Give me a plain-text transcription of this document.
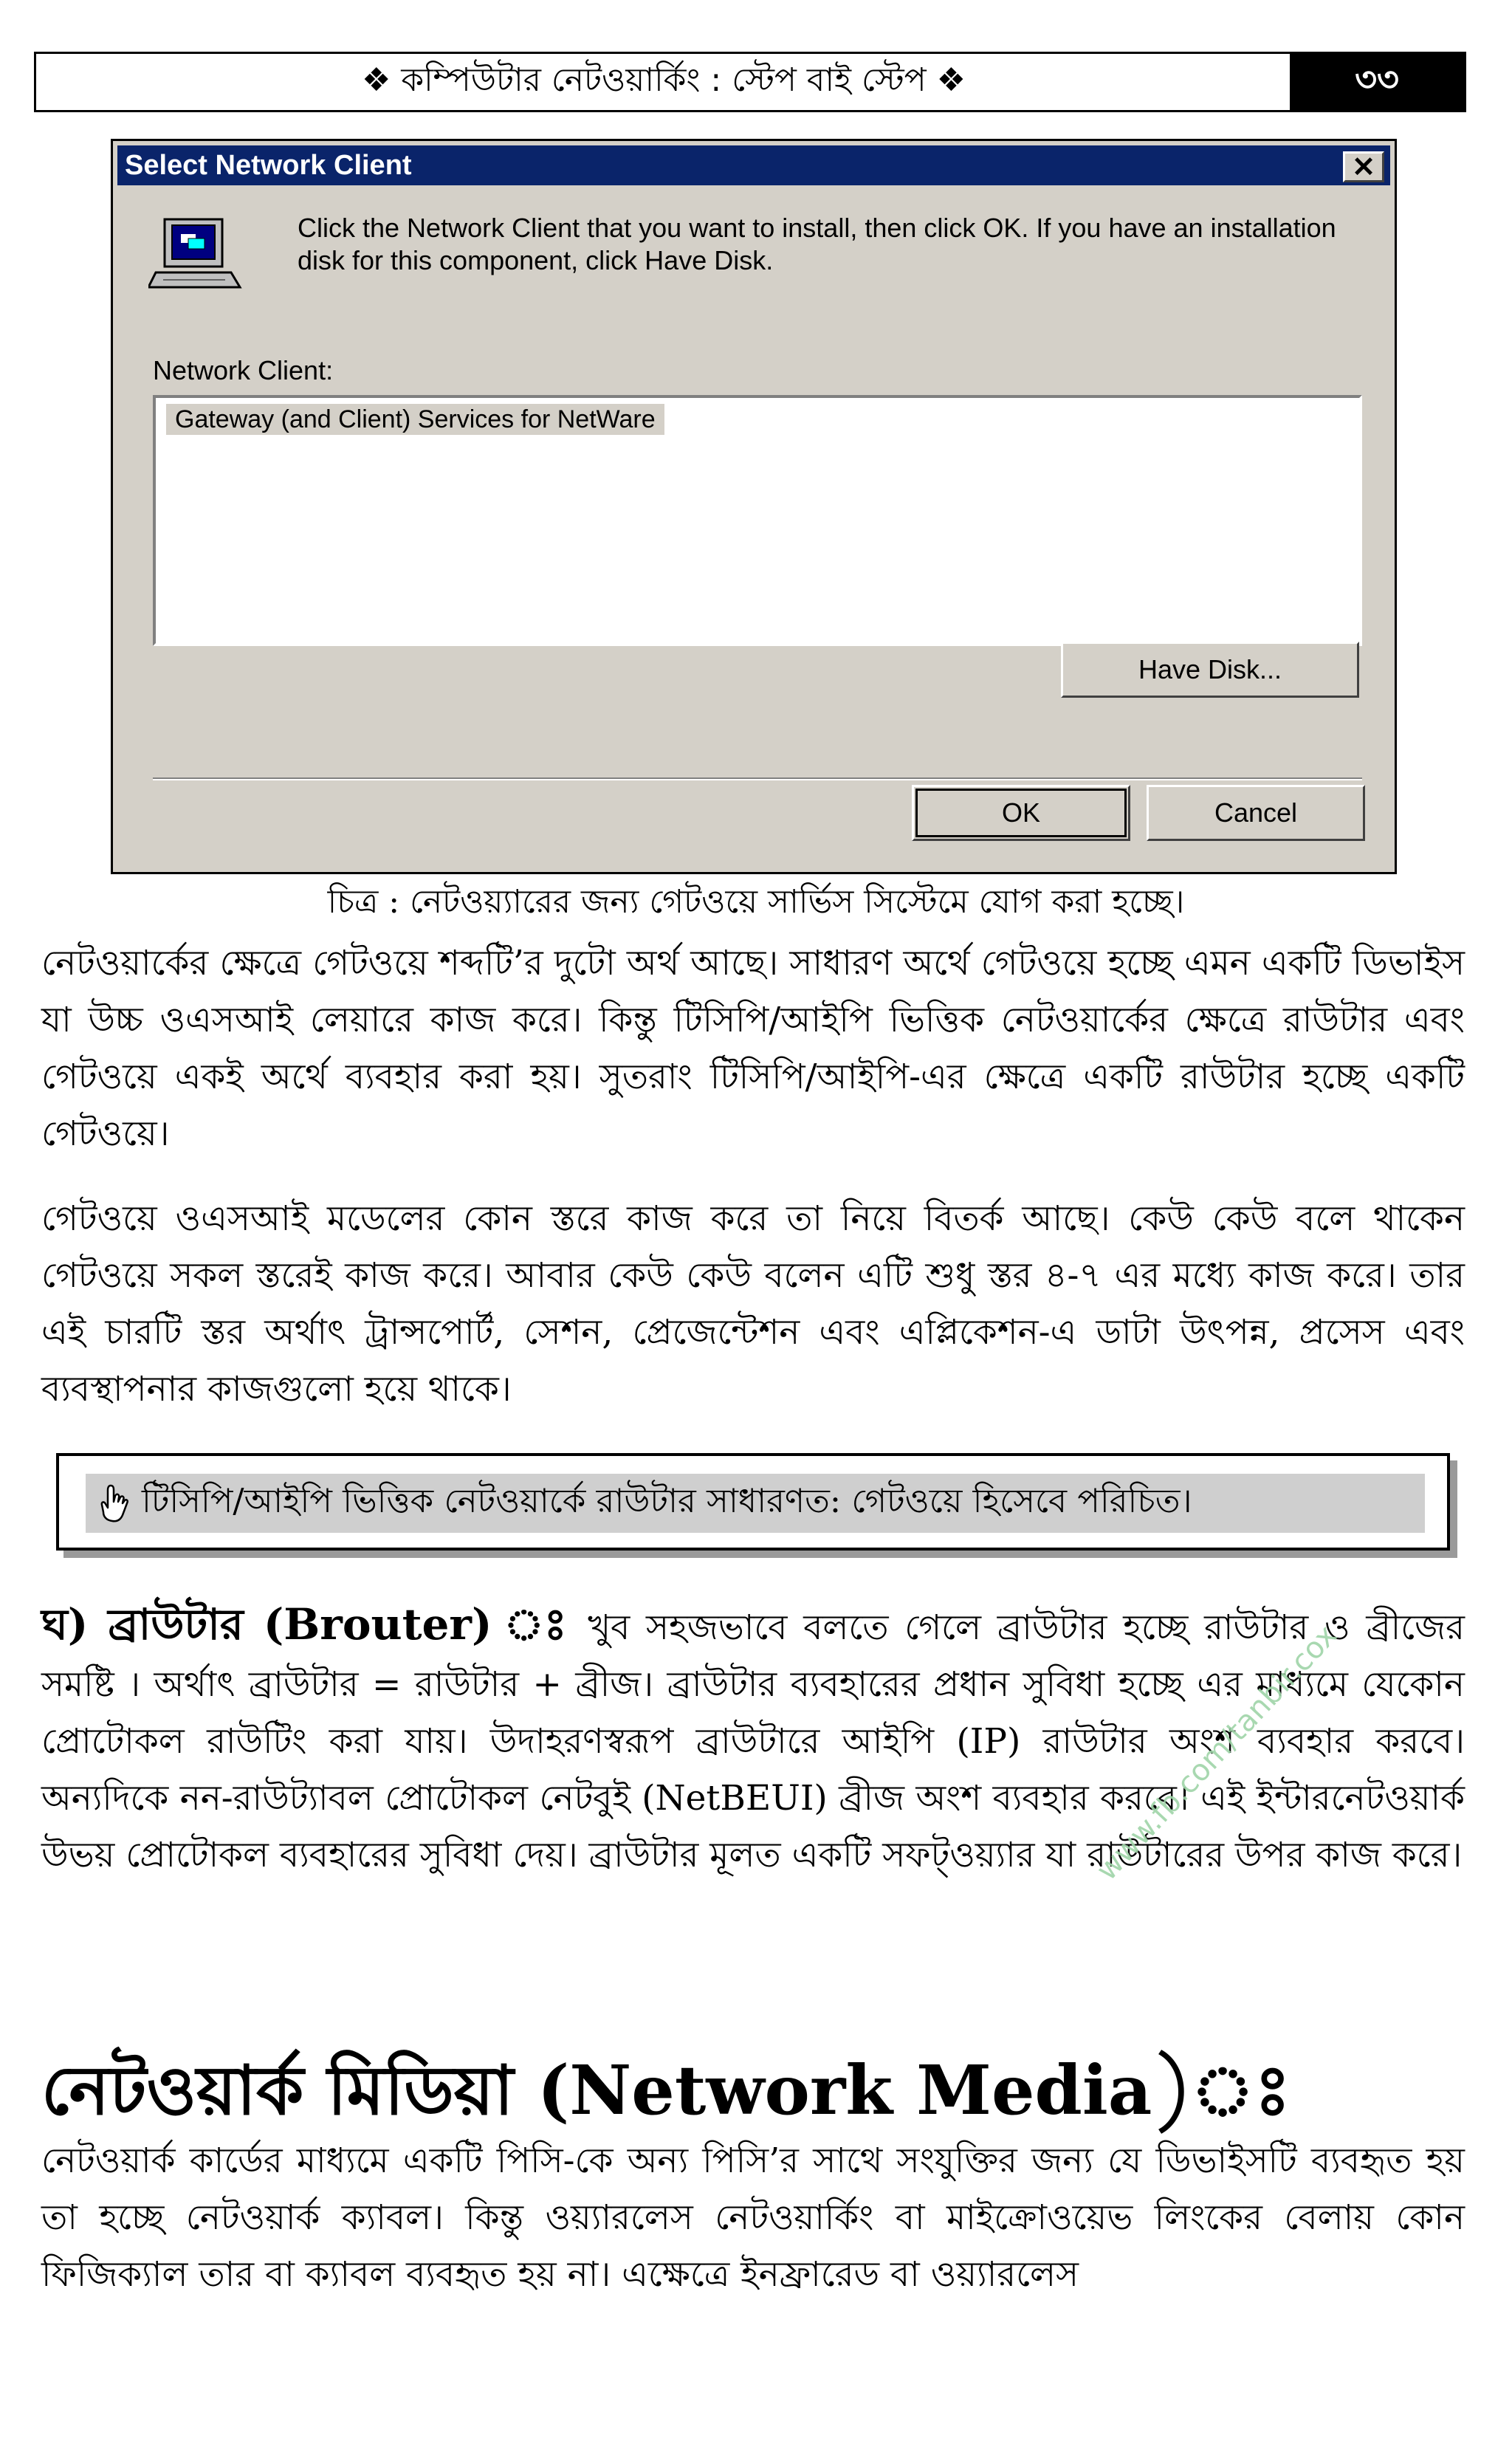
❖ কম্পিউটার নেটওয়ার্কিং : স্টেপ বাই স্টেপ ❖	৩৩
Select Network Client	✕
Click the Network Client that you want to install, then click OK. If you have an installation disk for this component, click Have Disk.
Network Client:
Gateway (and Client) Services for NetWare
Have Disk...
OK	Cancel
চিত্র : নেটওয়্যারের জন্য গেটওয়ে সার্ভিস সিস্টেমে যোগ করা হচ্ছে।
নেটওয়ার্কের ক্ষেত্রে গেটওয়ে শব্দটি’র দুটো অর্থ আছে। সাধারণ অর্থে গেটওয়ে হচ্ছে এমন একটি ডিভাইস যা উচ্চ ওএসআই লেয়ারে কাজ করে। কিন্তু টিসিপি/আইপি ভিত্তিক নেটওয়ার্কের ক্ষেত্রে রাউটার এবং গেটওয়ে একই অর্থে ব্যবহার করা হয়। সুতরাং টিসিপি/আইপি-এর ক্ষেত্রে একটি রাউটার হচ্ছে একটি গেটওয়ে।
গেটওয়ে ওএসআই মডেলের কোন স্তরে কাজ করে তা নিয়ে বিতর্ক আছে। কেউ কেউ বলে থাকেন গেটওয়ে সকল স্তরেই কাজ করে। আবার কেউ কেউ বলেন এটি শুধু স্তর ৪-৭ এর মধ্যে কাজ করে। তার এই চারটি স্তর অর্থাৎ ট্রান্সপোর্ট, সেশন, প্রেজেন্টেশন এবং এপ্লিকেশন-এ ডাটা উৎপন্ন, প্রসেস এবং ব্যবস্থাপনার কাজগুলো হয়ে থাকে।
টিসিপি/আইপি ভিত্তিক নেটওয়ার্কে রাউটার সাধারণত: গেটওয়ে হিসেবে পরিচিত।
ঘ) ব্রাউটার (Brouter) ঃ খুব সহজভাবে বলতে গেলে ব্রাউটার হচ্ছে রাউটার ও ব্রীজের সমষ্টি । অর্থাৎ ব্রাউটার = রাউটার + ব্রীজ। ব্রাউটার ব্যবহারের প্রধান সুবিধা হচ্ছে এর মাধ্যমে যেকোন প্রোটোকল রাউটিং করা যায়। উদাহরণস্বরূপ ব্রাউটারে আইপি (IP) রাউটার অংশ ব্যবহার করবে। অন্যদিকে নন-রাউট্যাবল প্রোটোকল নেটবুই (NetBEUI) ব্রীজ অংশ ব্যবহার করবে। এই ইন্টারনেটওয়ার্ক উভয় প্রোটোকল ব্যবহারের সুবিধা দেয়। ব্রাউটার মূলত একটি সফট্ওয়্যার যা রাউটারের উপর কাজ করে।
www.fb.com/tanbir.cox
নেটওয়ার্ক মিডিয়া (Network Media)ঃ
নেটওয়ার্ক কার্ডের মাধ্যমে একটি পিসি-কে অন্য পিসি’র সাথে সংযুক্তির জন্য যে ডিভাইসটি ব্যবহৃত হয় তা হচ্ছে নেটওয়ার্ক ক্যাবল। কিন্তু ওয়্যারলেস নেটওয়ার্কিং বা মাইক্রোওয়েভ লিংকের বেলায় কোন ফিজিক্যাল তার বা ক্যাবল ব্যবহৃত হয় না। এক্ষেত্রে ইনফ্রারেড বা ওয়্যারলেস
